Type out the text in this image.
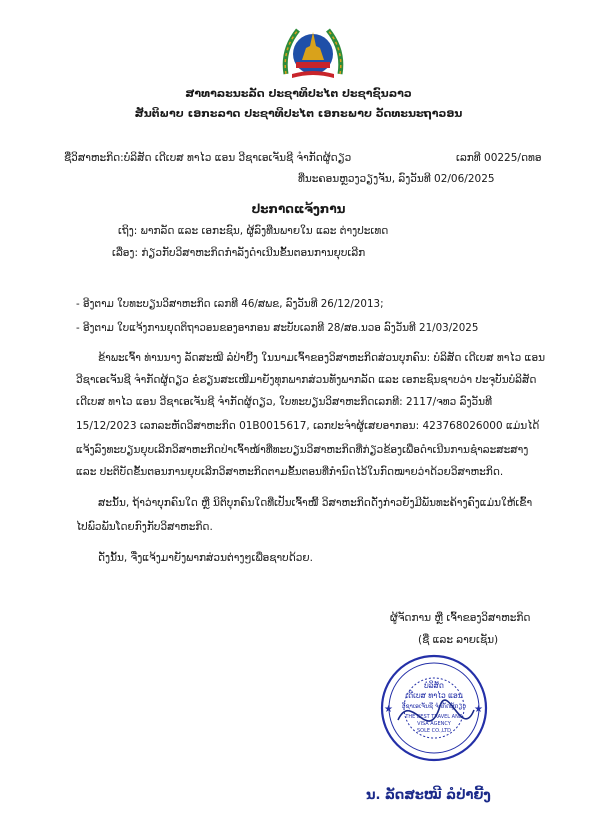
ສາທາລະນະລັດ ປະຊາທິປະໄຕ ປະຊາຊົນລາວ
ສັນຕິພາບ ເອກະລາດ ປະຊາທິປະໄຕ ເອກະພາບ ວັດທະນະຖາວອນ
ຊື່ວິສາຫະກິດ:ບໍລິສັດ ເດີເບສ ທາໄວ ແອນ ວີຊາເອເຈັນຊີ ຈໍາກັດຜູ້ດຽວ	ເລກທີ 00225/ດທອ
ທີ່ນະຄອນຫຼວງວຽງຈັນ, ລົງວັນທີ 02/06/2025
ປະກາດແຈ້ງການ
ເຖິງ: ພາກລັດ ແລະ ເອກະຊົນ, ຜູ້ລົງທືນພາຍໃນ ແລະ ຕ່າງປະເທດ
ເລື່ອງ: ກ່ຽວກັບວິສາຫະກິດກໍາລັງດໍາເນີນຂັ້ນຕອນການຍຸບເລີກ
- ອີງຕາມ ໃບທະບຽນວິສາຫະກິດ ເລກທີ 46/ສພຂ, ລົງວັນທີ 26/12/2013;
- ອີງຕາມ ໃບແຈ້ງການຍຸດຕິຖາວອນຂອງອາກອນ ສະບັບເລກທີ 28/ສອ.ນວອ ລົງວັນທີ 21/03/2025
ຂ້າພະເຈົ້າ ທ່ານນາງ ລັດສະໝີ ລໍປ່າຍີ້ງ ໃນນາມເຈົ້າຂອງວິສາຫະກິດສ່ວນບຸກຄົນ: ບໍລິສັດ ເດີເບສ ທາໄວ ແອນ
ວີຊາເອເຈັນຊີ ຈໍາກັດຜູ້ດຽວ ຂໍຮຽນສະເໜີມາຍັງທຸກພາກສ່ວນທັງພາກລັດ ແລະ ເອກະຊົນຊາບວ່າ ປະຈຸບັນບໍລິສັດ
ເດີເບສ ທາໄວ ແອນ ວີຊາເອເຈັນຊີ ຈໍາກັດຜູ້ດຽວ, ໃບທະບຽນວິສາຫະກິດເລກທີ: 2117/ຈທວ ລົງວັນທີ
15/12/2023 ເລກລະຫັດວິສາຫະກິດ 01B0015617, ເລກປະຈໍາຜູ້ເສຍອາກອນ: 423768026000 ແມ່ນໄດ້
ແຈ້ງລົງທະບຽນຍຸບເລີກວິສາຫະກິດປ່າເຈົ້າໜ້າທີ່ທະບຽນວິສາຫະກິດທີ່ກ່ຽວຂ້ອງເພື່ອດໍາເນີນການຊໍາລະສະສາງ
ແລະ ປະຕິບັດຂັ້ນຕອນການຍຸບເລີກວິສາຫະກິດຕາມຂັ້ນຕອນທີ່ກໍານົດໄວ້ໃນກົດໝາຍວ່າດ້ວຍວິສາຫະກິດ.
ສະນັ້ນ, ຖ້າວ່າບຸກຄົນໃດ ຫຼື ນິຕິບຸກຄົນໃດທີ່ເປັນເຈົ້າໜີ້ ວິສາຫະກິດດັ່ງກ່າວຍັງມີພັນທະຄ້າງຄົງແມ່ນໃຫ້ເຂົ້າ
ໄປພົວພັນໂດຍກົງກັບວິສາຫະກິດ.
ດັ່ງນັ້ນ, ຈື່ງແຈ້ງມາຍັງພາກສ່ວນຕ່າງໆເພື່ອຊາບດ້ວຍ.
ຜູ້ຈັດການ ຫຼື ເຈົ້າຂອງວິສາຫະກິດ
(ຊື່ ແລະ ລາຍເຊັນ)
★	★
ບໍລິສັດ
ເດີເບສ ທາໄວ ແອນ
ວີຊາເອເຈັນຊີ ຈໍາກັດຜູ້ດຽວ
THE BEST TRAVEL AND
VISA AGENCY
SOLE CO.,LTD
ນ. ລັດສະໝີ ລໍປ່າຍີ້ງ
